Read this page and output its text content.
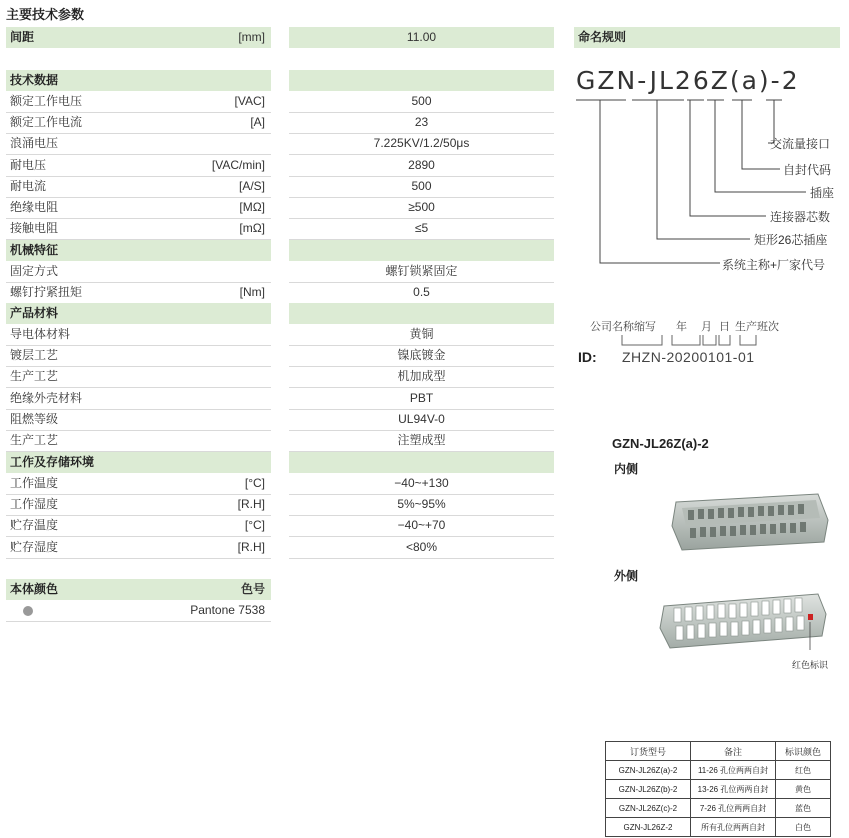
主要技术参数
间距	[mm]	11.00
技术数据
额定工作电压	[VAC]	500
额定工作电流	[A]	23
浪涌电压	7.225KV/1.2/50μs
耐电压	[VAC/min]	2890
耐电流	[A/S]	500
绝缘电阻	[MΩ]	≥500
接触电阻	[mΩ]	≤5
机械特征
固定方式	螺钉锁紧固定
螺钉拧紧扭矩	[Nm]	0.5
产品材料
导电体材料	黄铜
镀层工艺	镍底镀金
生产工艺	机加成型
绝缘外壳材料	PBT
阻燃等级	UL94V-0
生产工艺	注塑成型
工作及存储环境
工作温度	[°C]	−40~+130
工作湿度	[R.H]	5%~95%
贮存温度	[°C]	−40~+70
贮存湿度	[R.H]	<80%
本体颜色	色号
Pantone 7538
命名规则
GZN-JL26Z(a)-2
交流量接口
自封代码
插座
连接器芯数
矩形26芯插座
系统主称+厂家代号
公司名称缩写 年 月 日 生产班次
ID: ZHZN-20200101-01
GZN-JL26Z(a)-2
内侧
外侧
红色标识
订货型号	备注	标识颜色
GZN-JL26Z(a)-2	11-26 孔位两两自封	红色
GZN-JL26Z(b)-2	13-26 孔位两两自封	黄色
GZN-JL26Z(c)-2	7-26 孔位两两自封	蓝色
GZN-JL26Z-2	所有孔位两两自封	白色
